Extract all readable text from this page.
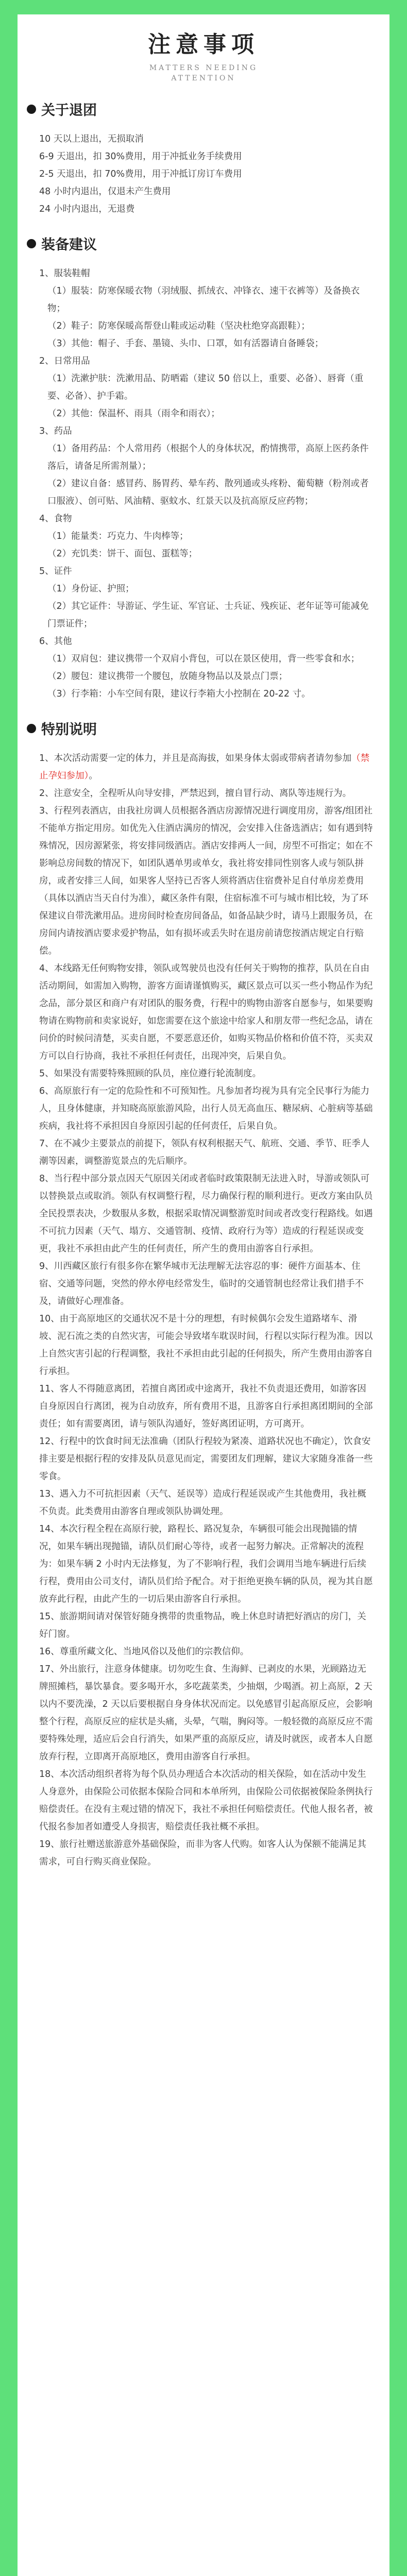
注意事项
MATTERS NEEDING
ATTENTION
关于退团
10 天以上退出，无损取消
6-9 天退出，扣 30%费用，用于冲抵业务手续费用
2-5 天退出，扣 70%费用，用于冲抵订房订车费用
48 小时内退出，仅退未产生费用
24 小时内退出，无退费
装备建议
1、服装鞋帽
（1）服装：防寒保暖衣物（羽绒服、抓绒衣、冲锋衣、速干衣裤等）及备换衣物；
（2）鞋子：防寒保暖高帮登山鞋或运动鞋（坚决杜绝穿高跟鞋）；
（3）其他：帽子、手套、墨镜、头巾、口罩，如有活器请自备睡袋；
2、日常用品
（1）洗漱护肤：洗漱用品、防晒霜（建议 50 倍以上，重要、必备）、唇膏（重要、必备）、护手霜。
（2）其他：保温杯、雨具（雨伞和雨衣）；
3、药品
（1）备用药品：个人常用药（根据个人的身体状况，酌情携带，高原上医药条件落后，请备足所需剂量）；
（2）建议自备：感冒药、肠胃药、晕车药、散列通或头疼粉、葡萄糖（粉剂或者口服液）、创可贴、风油精、驱蚊水、红景天以及抗高原反应药物；
4、食物
（1）能量类：巧克力、牛肉棒等；
（2）充饥类：饼干、面包、蛋糕等；
5、证件
（1）身份证、护照；
（2）其它证件：导游证、学生证、军官证、士兵证、残疾证、老年证等可能减免门票证件；
6、其他
（1）双肩包：建议携带一个双肩小背包，可以在景区使用，背一些零食和水；
（2）腰包：建议携带一个腰包，放随身物品以及景点门票；
（3）行李箱：小车空间有限，建议行李箱大小控制在 20-22 寸。
特别说明

1、本次活动需要一定的体力，并且是高海拔，如果身体太弱或带病者请勿参加（禁止孕妇参加）。

2、注意安全，全程听从向导安排，严禁迟到，擅自冒行动、离队等违规行为。

3、行程列表酒店，由我社房调人员根据各酒店房源情况进行调度用房，游客/组团社不能单方指定用房。如优先入住酒店满房的情况，会安排入住备选酒店；如有遇到特殊情况，因房源紧张，将安排同级酒店。酒店安排两人一间，房型不可指定；如在不影响总房间数的情况下，如团队遇单男或单女，我社将安排同性别客人或与领队拼房，或者安排三人间，如果客人坚持已否客人须将酒店住宿费补足自付单房差费用（具体以酒店当天自付为准），藏区条件有限，住宿标准不可与城市相比较，为了环保建议自带洗漱用品。进房间时检查房间备品，如备品缺少时，请马上跟服务员，在房间内请按酒店要求爱护物品，如有损坏或丢失时在退房前请您按酒店规定自行赔偿。

4、本线路无任何购物安排，领队或驾驶员也没有任何关于购物的推荐，队员在自由活动期间，如需加入购物，游客方面请谨慎购买，藏区景点可以买一些小物品作为纪念品，部分景区和商户有对团队的服务费，行程中的购物由游客自愿参与，如果要购物请在购物前和卖家说好，如您需要在这个旅途中给家人和朋友带一些纪念品，请在问价的时候问清楚，买卖自愿，不要恶意还价，如购买物品价格和价值不符，买卖双方可以自行协商，我社不承担任何责任，出现冲突，后果自负。

5、如果没有需要特殊照顾的队员，座位遵行轮流制度。

6、高原旅行有一定的危险性和不可预知性。凡参加者均视为具有完全民事行为能力人，且身体健康，并知晓高原旅游风险，出行人员无高血压、糖尿病、心脏病等基础疾病，我社将不承担因自身原因引起的任何责任，后果自负。

7、在不减少主要景点的前提下，领队有权利根据天气、航班、交通、季节、旺季人潮等因素，调整游览景点的先后顺序。

8、当行程中部分景点因天气原因关闭或者临时政策限制无法进入时，导游或领队可以替换景点或取消。领队有权调整行程，尽力确保行程的顺利进行。更改方案由队员全民投票表决，少数服从多数，根据采取情况调整游览时间或者改变行程路线。如遇不可抗力因素（天气、塌方、交通管制、疫情、政府行为等）造成的行程延误或变更，我社不承担由此产生的任何责任，所产生的费用由游客自行承担。

9、川西藏区旅行有很多你在繁华城市无法理解无法容忍的事：硬件方面基本、住宿、交通等问题，突然的停水停电经常发生，临时的交通管制也经常让我们措手不及，请做好心理准备。

10、由于高原地区的交通状况不是十分的理想，有时候偶尔会发生道路堵车、滑坡、泥石流之类的自然灾害，可能会导致堵车耽误时间，行程以实际行程为准。因以上自然灾害引起的行程调整，我社不承担由此引起的任何损失，所产生费用由游客自行承担。

11、客人不得随意离团，若擅自离团或中途离开，我社不负责退还费用，如游客因自身原因自行离团，视为自动放弃，所有费用不退，且游客自行承担离团期间的全部责任；如有需要离团，请与领队沟通好，签好离团证明，方可离开。

12、行程中的饮食时间无法准确（团队行程较为紧凑、道路状况也不确定），饮食安排主要是根据行程的安排及队员意见而定，需要团友们理解，建议大家随身准备一些零食。

13、遇入力不可抗拒因素（天气、延误等）造成行程延误或产生其他费用，我社概不负责。此类费用由游客自理或领队协调处理。

14、本次行程全程在高原行驶，路程长、路况复杂，车辆很可能会出现抛锚的情况，如果车辆出现抛锚，请队员们耐心等待，或者一起努力解决。正常解决的流程为：如果车辆 2 小时内无法修复，为了不影响行程，我们会调用当地车辆进行后续行程，费用由公司支付，请队员们给予配合。对于拒绝更换车辆的队员，视为其自愿放弃此行程，由此产生的一切后果由游客自行承担。

15、旅游期间请对保管好随身携带的贵重物品，晚上休息时请把好酒店的房门，关好门窗。

16、尊重所藏文化、当地风俗以及他们的宗教信仰。

17、外出旅行，注意身体健康。切勿吃生食、生海鲜、已剥皮的水果，光顾路边无牌照摊档，暴饮暴食。要多喝开水，多吃蔬菜类，少抽烟，少喝酒。初上高原，2 天以内不要洗澡，2 天以后要根据自身身体状况而定。以免感冒引起高原反应，会影响整个行程，高原反应的症状是头痛，头晕，气喘，胸闷等。一般轻微的高原反应不需要特殊处理，适应后会自行消失，如果严重的高原反应，请及时就医，或者本人自愿放弃行程，立即离开高原地区，费用由游客自行承担。

18、本次活动组织者将为每个队员办理适合本次活动的相关保险，如在活动中发生人身意外，由保险公司依据本保险合同和本单所列，由保险公司依据被保险条例执行赔偿责任。在没有主观过错的情况下，我社不承担任何赔偿责任。代他人报名者，被代报名参加者如遭受人身损害，赔偿责任我社概不承担。

19、旅行社赠送旅游意外基础保险，而非为客人代购。如客人认为保额不能满足其需求，可自行购买商业保险。
